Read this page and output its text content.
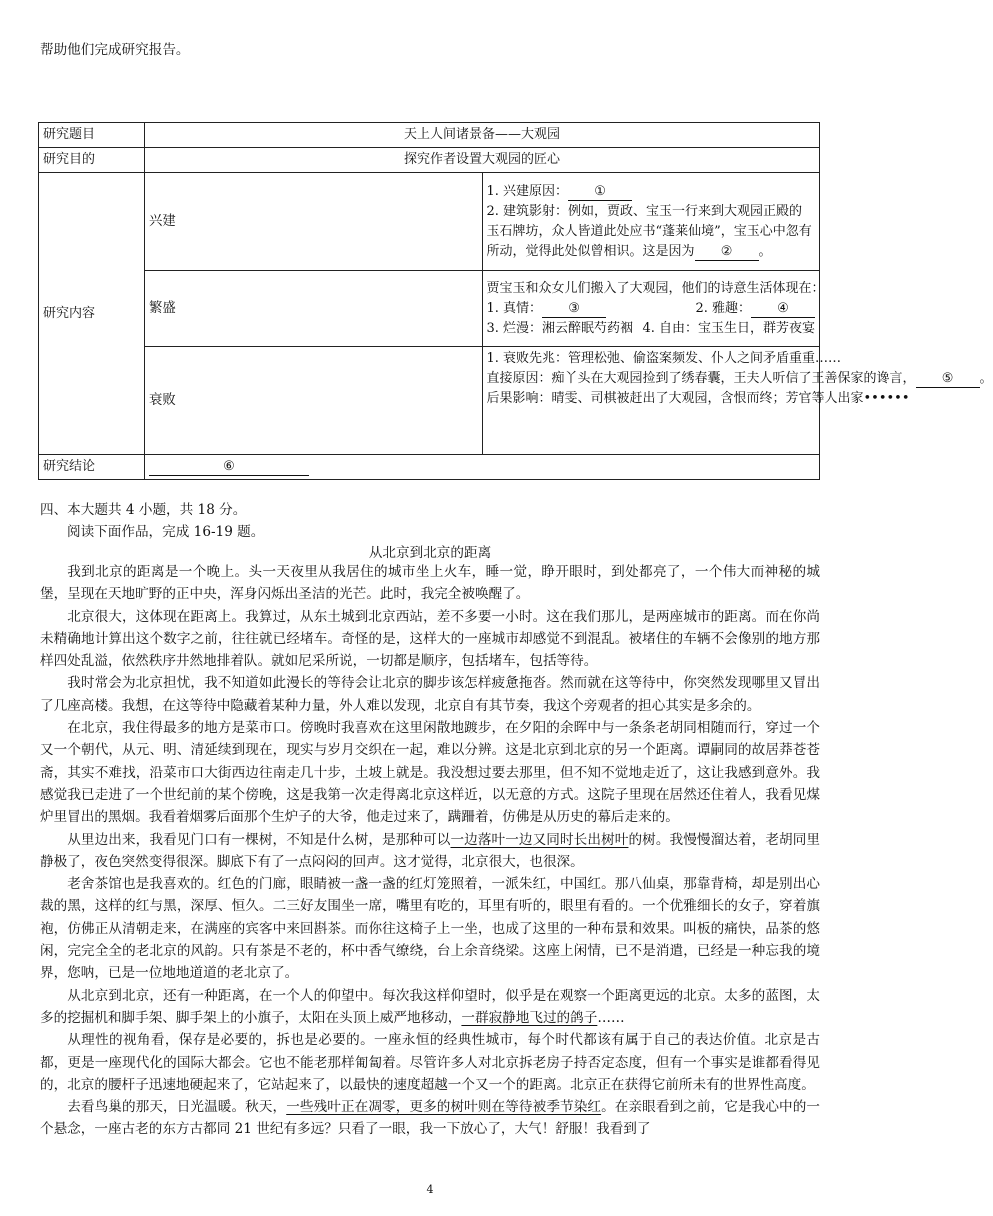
帮助他们完成研究报告。
研究题目	天上人间诸景备——大观园	
研究目的	探究作者设置大观园的匠心	
研究内容	兴建	1. 兴建原因： ①
2. 建筑影射：例如，贾政、宝玉一行来到大观园正殿的玉石牌坊，众人皆道此处应书“蓬莱仙境”，宝玉心中忽有所动，觉得此处似曾相识。这是因为 ② 。

	繁盛	贾宝玉和众女儿们搬入了大观园，他们的诗意生活体现在：
1. 真情： ③ 2. 雅趣： ④
3. 烂漫：湘云醉眠芍药裀 4. 自由：宝玉生日，群芳夜宴

	衰败	1. 衰败先兆：管理松弛、偷盗案频发、仆人之间矛盾重重……
直接原因：痴丫头在大观园捡到了绣春囊，王夫人听信了王善保家的谗言， ⑤ 。
后果影响：晴雯、司棋被赶出了大观园，含恨而终；芳官等人出家••••••

研究结论	⑥	
四、本大题共 4 小题，共 18 分。
阅读下面作品，完成 16-19 题。
从北京到北京的距离

我到北京的距离是一个晚上。头一天夜里从我居住的城市坐上火车，睡一觉，睁开眼时，到处都亮了，一个伟大而神秘的城堡，呈现在天地旷野的正中央，浑身闪烁出圣洁的光芒。此时，我完全被唤醒了。

北京很大，这体现在距离上。我算过，从东土城到北京西站，差不多要一小时。这在我们那儿，是两座城市的距离。而在你尚未精确地计算出这个数字之前，往往就已经堵车。奇怪的是，这样大的一座城市却感觉不到混乱。被堵住的车辆不会像别的地方那样四处乱溢，依然秩序井然地排着队。就如尼采所说，一切都是顺序，包括堵车，包括等待。

我时常会为北京担忧，我不知道如此漫长的等待会让北京的脚步该怎样疲惫拖沓。然而就在这等待中，你突然发现哪里又冒出了几座高楼。我想，在这等待中隐藏着某种力量，外人难以发现，北京自有其节奏，我这个旁观者的担心其实是多余的。

在北京，我住得最多的地方是菜市口。傍晚时我喜欢在这里闲散地踱步，在夕阳的余晖中与一条条老胡同相随而行，穿过一个又一个朝代，从元、明、清延续到现在，现实与岁月交织在一起，难以分辨。这是北京到北京的另一个距离。谭嗣同的故居莽苍苍斋，其实不难找，沿菜市口大街西边往南走几十步，土坡上就是。我没想过要去那里，但不知不觉地走近了，这让我感到意外。我感觉我已走进了一个世纪前的某个傍晚，这是我第一次走得离北京这样近，以无意的方式。这院子里现在居然还住着人，我看见煤炉里冒出的黑烟。我看着烟雾后面那个生炉子的大爷，他走过来了，蹒跚着，仿佛是从历史的幕后走来的。

从里边出来，我看见门口有一棵树，不知是什么树，是那种可以一边落叶一边又同时长出树叶的树。我慢慢溜达着，老胡同里静极了，夜色突然变得很深。脚底下有了一点闷闷的回声。这才觉得，北京很大，也很深。

老舍茶馆也是我喜欢的。红色的门廊，眼睛被一盏一盏的红灯笼照着，一派朱红，中国红。那八仙桌，那靠背椅，却是别出心裁的黑，这样的红与黑，深厚、恒久。二三好友围坐一席，嘴里有吃的，耳里有听的，眼里有看的。一个优雅细长的女子，穿着旗袍，仿佛正从清朝走来，在满座的宾客中来回斟茶。而你往这椅子上一坐，也成了这里的一种布景和效果。叫板的痛快，品茶的悠闲，完完全全的老北京的风韵。只有茶是不老的，杯中香气缭绕，台上余音绕梁。这座上闲情，已不是消遣，已经是一种忘我的境界，您呐，已是一位地地道道的老北京了。

从北京到北京，还有一种距离，在一个人的仰望中。每次我这样仰望时，似乎是在观察一个距离更远的北京。太多的蓝图，太多的挖掘机和脚手架、脚手架上的小旗子，太阳在头顶上威严地移动，一群寂静地飞过的鸽子……

从理性的视角看，保存是必要的，拆也是必要的。一座永恒的经典性城市，每个时代都该有属于自己的表达价值。北京是古都，更是一座现代化的国际大都会。它也不能老那样匍匐着。尽管许多人对北京拆老房子持否定态度，但有一个事实是谁都看得见的，北京的腰杆子迅速地硬起来了，它站起来了，以最快的速度超越一个又一个的距离。北京正在获得它前所未有的世界性高度。

去看鸟巢的那天，日光温暖。秋天，一些残叶正在凋零，更多的树叶则在等待被季节染红。在亲眼看到之前，它是我心中的一个悬念，一座古老的东方古都同 21 世纪有多远？只看了一眼，我一下放心了，大气！舒服！我看到了

4
